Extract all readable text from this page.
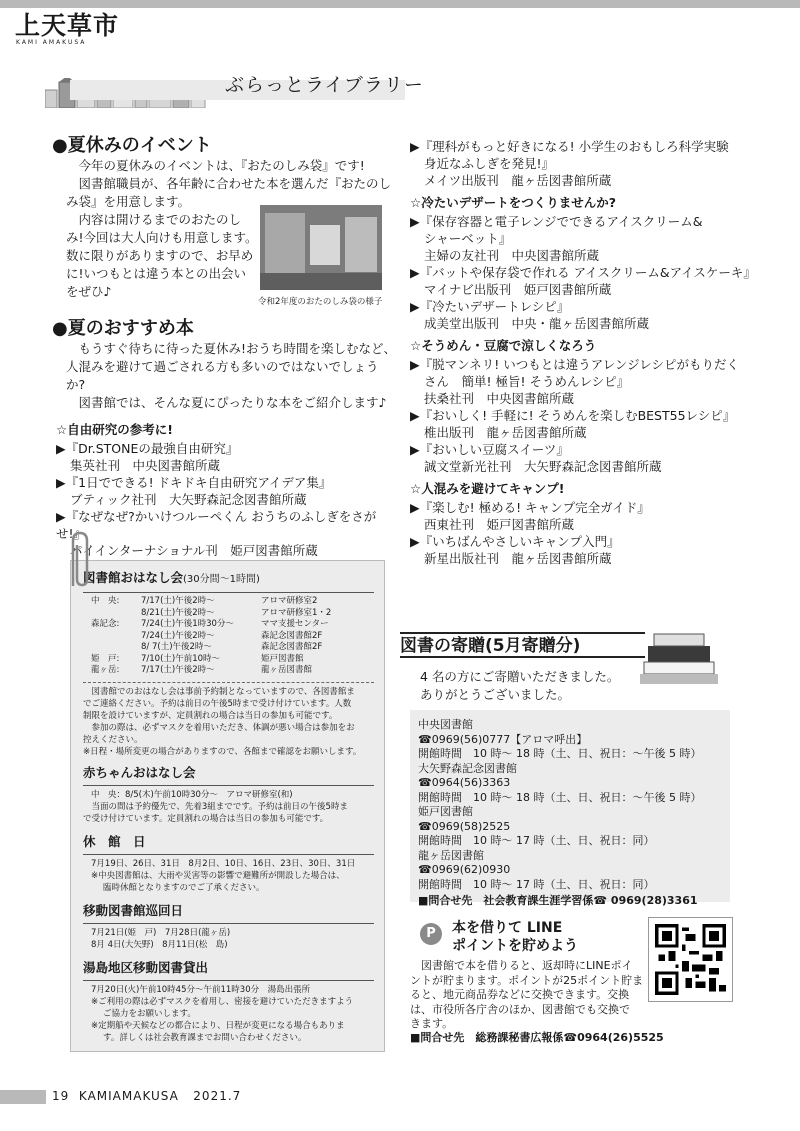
上天草市
KAMI AMAKUSA
ぶらっとライブラリー
●夏休みのイベント
今年の夏休みのイベントは、『おたのしみ袋』です!
図書館職員が、各年齢に合わせた本を選んだ『おたのし
み袋』を用意します。
内容は開けるまでのおたのし
み!今回は大人向けも用意します。
数に限りがありますので、お早め
に!いつもとは違う本との出会い
をぜひ♪
令和2年度のおたのしみ袋の様子
●夏のおすすめ本
もうすぐ待ちに待った夏休み!おうち時間を楽しむなど、
人混みを避けて過ごされる方も多いのではないでしょうか?
図書館では、そんな夏にぴったりな本をご紹介します♪
☆自由研究の参考に!
▶『Dr.STONEの最強自由研究』
集英社刊　中央図書館所蔵
▶『1日でできる! ドキドキ自由研究アイデア集』
ブティック社刊　大矢野森記念図書館所蔵
▶『なぜなぜ?かいけつルーペくん おうちのふしぎをさがせ!』
パイインターナショナル刊　姫戸図書館所蔵
図書館おはなし会(30分間〜1時間)
中　央:	7/17(土)午後2時〜	アロマ研修室2
8/21(土)午後2時〜	アロマ研修室1・2
森記念:	7/24(土)午後1時30分〜	ママ支援センター
7/24(土)午後2時〜	森記念図書館2F
8/ 7(土)午後2時〜	森記念図書館2F
姫　戸:	7/10(土)午前10時〜	姫戸図書館
龍ヶ岳:	7/17(土)午後2時〜	龍ヶ岳図書館
図書館でのおはなし会は事前予約制となっていますので、各図書館ま
でご連絡ください。予約は前日の午後5時まで受け付けています。人数
制限を設けていますが、定員割れの場合は当日の参加も可能です。
参加の際は、必ずマスクを着用いただき、体調が悪い場合は参加をお
控えください。
※日程・場所変更の場合がありますので、各館まで確認をお願いします。
赤ちゃんおはなし会
中　央：8/5(木)午前10時30分〜　アロマ研修室(和)
当面の間は予約優先で、先着3組までです。予約は前日の午後5時ま
で受け付けています。定員割れの場合は当日の参加も可能です。
休　館　日
7月19日、26日、31日　8月2日、10日、16日、23日、30日、31日
※中央図書館は、大雨や災害等の影響で避難所が開設した場合は、
臨時休館となりますのでご了承ください。
移動図書館巡回日
7月21日(姫　戸)　7月28日(龍ヶ岳)
8月 4日(大矢野)　8月11日(松　島)
湯島地区移動図書貸出
7月20日(火)午前10時45分〜午前11時30分　湯島出張所
※ご利用の際は必ずマスクを着用し、密接を避けていただきますよう
ご協力をお願いします。
※定期船や天候などの都合により、日程が変更になる場合もありま
す。詳しくは社会教育課までお問い合わせください。
▶『理科がもっと好きになる! 小学生のおもしろ科学実験
身近なふしぎを発見!』
メイツ出版刊　龍ヶ岳図書館所蔵
☆冷たいデザートをつくりませんか?
▶『保存容器と電子レンジでできるアイスクリーム&
シャーベット』
主婦の友社刊　中央図書館所蔵
▶『バットや保存袋で作れる アイスクリーム&アイスケーキ』
マイナビ出版刊　姫戸図書館所蔵
▶『冷たいデザートレシピ』
成美堂出版刊　中央・龍ヶ岳図書館所蔵
☆そうめん・豆腐で涼しくなろう
▶『脱マンネリ! いつもとは違うアレンジレシピがもりだく
さん　簡単! 極旨! そうめんレシピ』
扶桑社刊　中央図書館所蔵
▶『おいしく! 手軽に! そうめんを楽しむBEST55レシピ』
椎出版刊　龍ヶ岳図書館所蔵
▶『おいしい豆腐スイーツ』
誠文堂新光社刊　大矢野森記念図書館所蔵
☆人混みを避けてキャンプ!
▶『楽しむ! 極める! キャンプ完全ガイド』
西東社刊　姫戸図書館所蔵
▶『いちばんやさしいキャンプ入門』
新星出版社刊　龍ヶ岳図書館所蔵
図書の寄贈(5月寄贈分)
4 名の方にご寄贈いただきました。
ありがとうございました。
中央図書館
☎0969(56)0777【アロマ呼出】
開館時間　10 時〜 18 時（土、日、祝日：〜午後 5 時）
大矢野森記念図書館
☎0964(56)3363
開館時間　10 時〜 18 時（土、日、祝日：〜午後 5 時）
姫戸図書館
☎0969(58)2525
開館時間　10 時〜 17 時（土、日、祝日：同）
龍ヶ岳図書館
☎0969(62)0930
開館時間　10 時〜 17 時（土、日、祝日：同）
■問合せ先　社会教育課生涯学習係☎ 0969(28)3361
P	本を借りて LINE
ポイントを貯めよう
図書館で本を借りると、返却時にLINEポイ
ントが貯まります。ポイントが25ポイント貯ま
ると、地元商品券などに交換できます。交換
は、市役所各庁舎のほか、図書館でも交換で
きます。
■問合せ先　総務課秘書広報係☎0964(26)5525
19 KAMIAMAKUSA 2021.7
